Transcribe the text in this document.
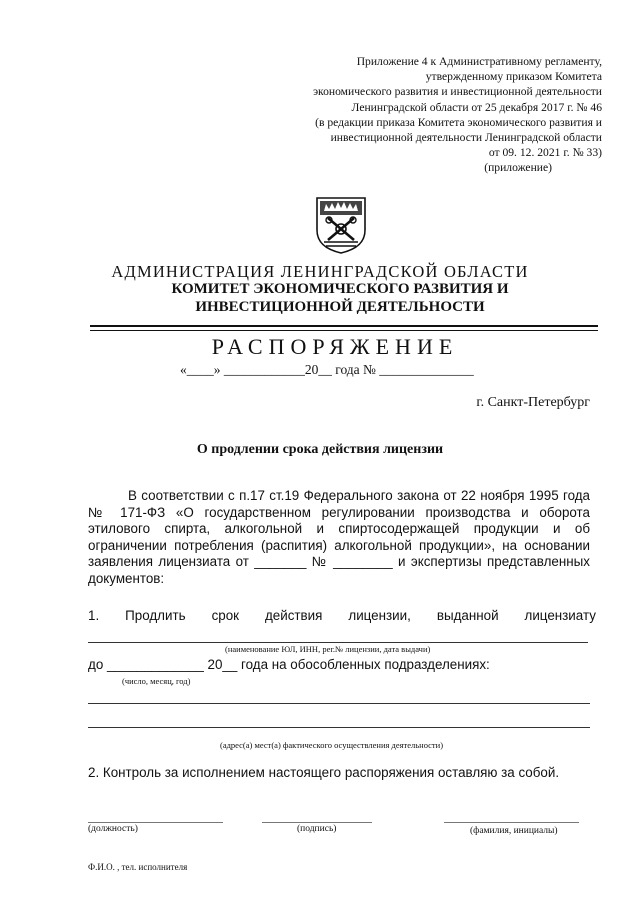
Приложение 4 к Административному регламенту,
утвержденному приказом Комитета
экономического развития и инвестиционной деятельности
Ленинградской области от 25 декабря 2017 г. № 46
(в редакции приказа Комитета экономического развития и
инвестиционной деятельности Ленинградской области
от 09. 12. 2021 г. № 33)
(приложение)
АДМИНИСТРАЦИЯ ЛЕНИНГРАДСКОЙ ОБЛАСТИ
КОМИТЕТ ЭКОНОМИЧЕСКОГО РАЗВИТИЯ И
ИНВЕСТИЦИОННОЙ ДЕЯТЕЛЬНОСТИ
РАСПОРЯЖЕНИЕ
«____» ____________20__ года № ______________
г. Санкт-Петербург
О продлении срока действия лицензии
В соответствии с п.17 ст.19 Федерального закона от 22 ноября 1995 года № 171-ФЗ «О государственном регулировании производства и оборота этилового спирта, алкогольной и спиртосодержащей продукции и об ограничении потребления (распития) алкогольной продукции», на основании заявления лицензиата от _______ № ________ и экспертизы представленных документов:
1. Продлить срок действия лицензии, выданной лицензиату
(наименование ЮЛ, ИНН, рег.№ лицензии, дата выдачи)
до _____________ 20__ года на обособленных подразделениях:
(число, месяц, год)
(адрес(а) мест(а) фактического осуществления деятельности)
2. Контроль за исполнением настоящего распоряжения оставляю за собой.
(должность)	(подпись)	(фамилия, инициалы)
Ф.И.О. , тел. исполнителя
